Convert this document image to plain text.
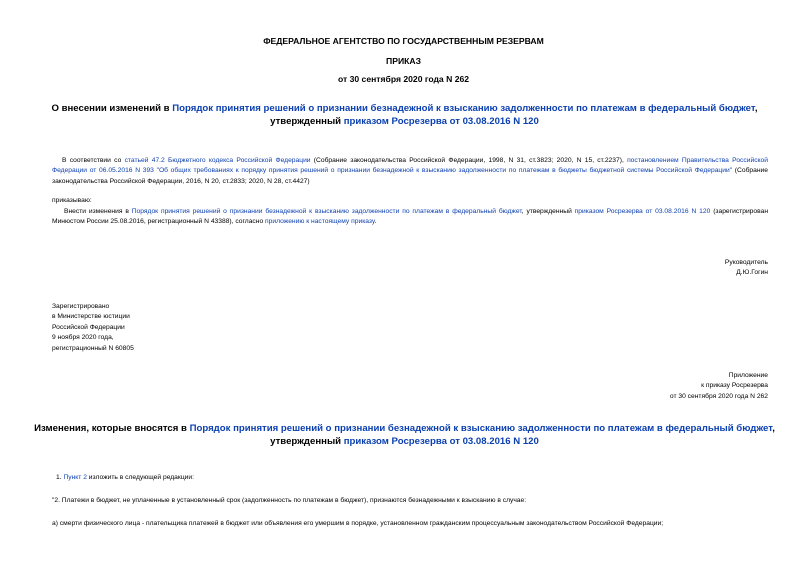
ФЕДЕРАЛЬНОЕ АГЕНТСТВО ПО ГОСУДАРСТВЕННЫМ РЕЗЕРВАМ
ПРИКАЗ
от 30 сентября 2020 года N 262
О внесении изменений в Порядок принятия решений о признании безнадежной к взысканию задолженности по платежам в федеральный бюджет, утвержденный приказом Росрезерва от 03.08.2016 N 120
В соответствии со статьей 47.2 Бюджетного кодекса Российской Федерации (Собрание законодательства Российской Федерации, 1998, N 31, ст.3823; 2020, N 15, ст.2237), постановлением Правительства Российской Федерации от 06.05.2016 N 393 "Об общих требованиях к порядку принятия решений о признании безнадежной к взысканию задолженности по платежам в бюджеты бюджетной системы Российской Федерации" (Собрание законодательства Российской Федерации, 2016, N 20, ст.2833; 2020, N 28, ст.4427)
приказываю:
Внести изменения в Порядок принятия решений о признании безнадежной к взысканию задолженности по платежам в федеральный бюджет, утвержденный приказом Росрезерва от 03.08.2016 N 120 (зарегистрирован Минюстом России 25.08.2016, регистрационный N 43388), согласно приложению к настоящему приказу.
Руководитель
Д.Ю.Гогин
Зарегистрировано
в Министерстве юстиции
Российской Федерации
9 ноября 2020 года,
регистрационный N 60805
Приложение
к приказу Росрезерва
от 30 сентября 2020 года N 262
Изменения, которые вносятся в Порядок принятия решений о признании безнадежной к взысканию задолженности по платежам в федеральный бюджет, утвержденный приказом Росрезерва от 03.08.2016 N 120
1. Пункт 2 изложить в следующей редакции:
"2. Платежи в бюджет, не уплаченные в установленный срок (задолженность по платежам в бюджет), признаются безнадежными к взысканию в случае:
а) смерти физического лица - плательщика платежей в бюджет или объявления его умершим в порядке, установленном гражданским процессуальным законодательством Российской Федерации;
